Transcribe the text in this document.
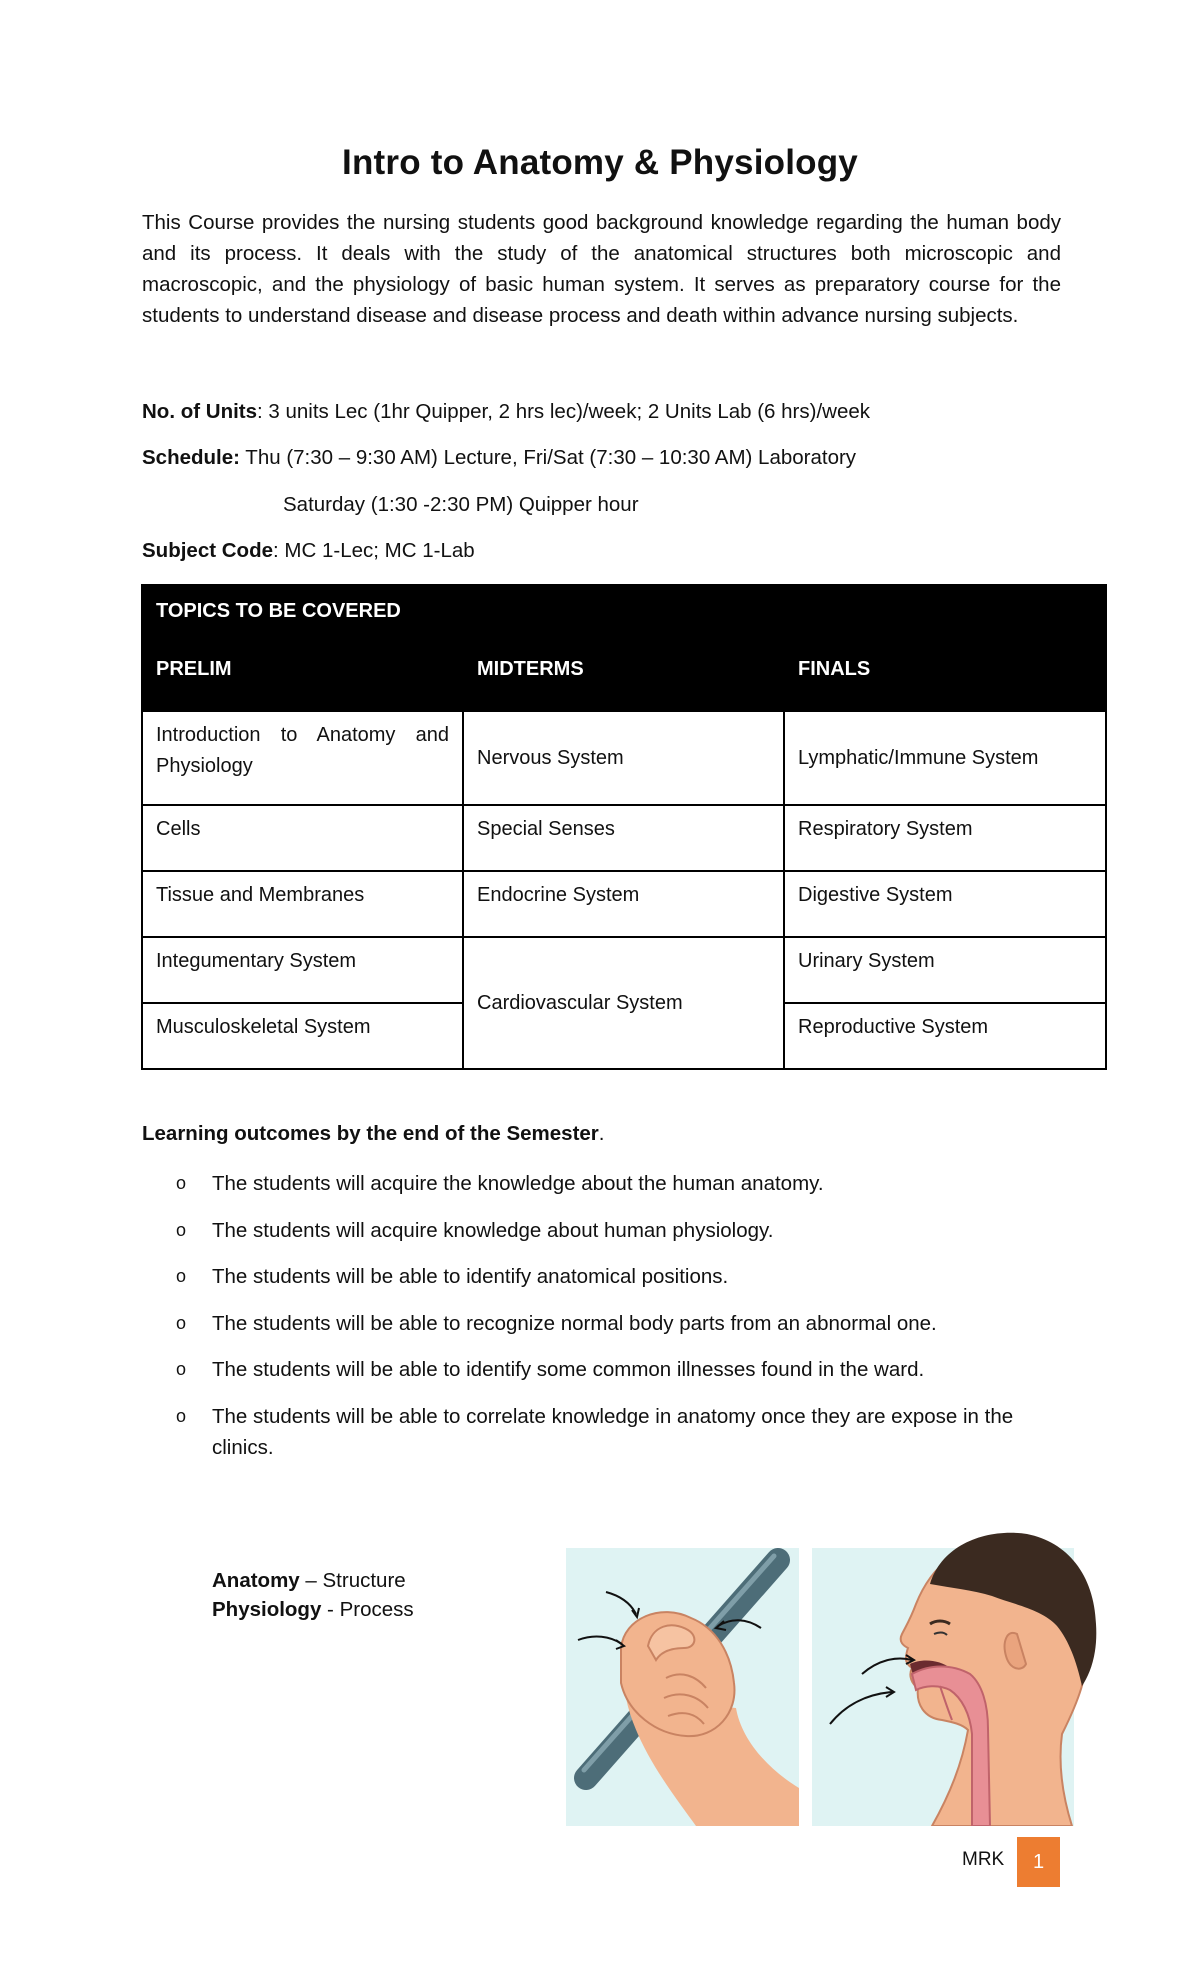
Intro to Anatomy & Physiology

This Course provides the nursing students good background knowledge regarding the human body and its process. It deals with the study of the anatomical structures both microscopic and macroscopic, and the physiology of basic human system. It serves as preparatory course for the students to understand disease and disease process and death within advance nursing subjects.

No. of Units: 3 units Lec (1hr Quipper, 2 hrs lec)/week; 2 Units Lab (6 hrs)/week

Schedule: Thu (7:30 – 9:30 AM) Lecture, Fri/Sat (7:30 – 10:30 AM) Laboratory

Saturday (1:30 -2:30 PM) Quipper hour

Subject Code: MC 1-Lec; MC 1-Lab

TOPICS TO BE COVERED		
PRELIM	MIDTERMS	FINALS
Introduction to Anatomy and Physiology	Nervous System	Lymphatic/Immune System
Cells	Special Senses	Respiratory System
Tissue and Membranes	Endocrine System	Digestive System
Integumentary System	Cardiovascular System	Urinary System
Musculoskeletal System		Reproductive System

Learning outcomes by the end of the Semester.

o The students will acquire the knowledge about the human anatomy.
o The students will acquire knowledge about human physiology.
o The students will be able to identify anatomical positions.
o The students will be able to recognize normal body parts from an abnormal one.
o The students will be able to identify some common illnesses found in the ward.
o The students will be able to correlate knowledge in anatomy once they are expose in the clinics.
Anatomy – Structure
Physiology - Process
MRK	1
